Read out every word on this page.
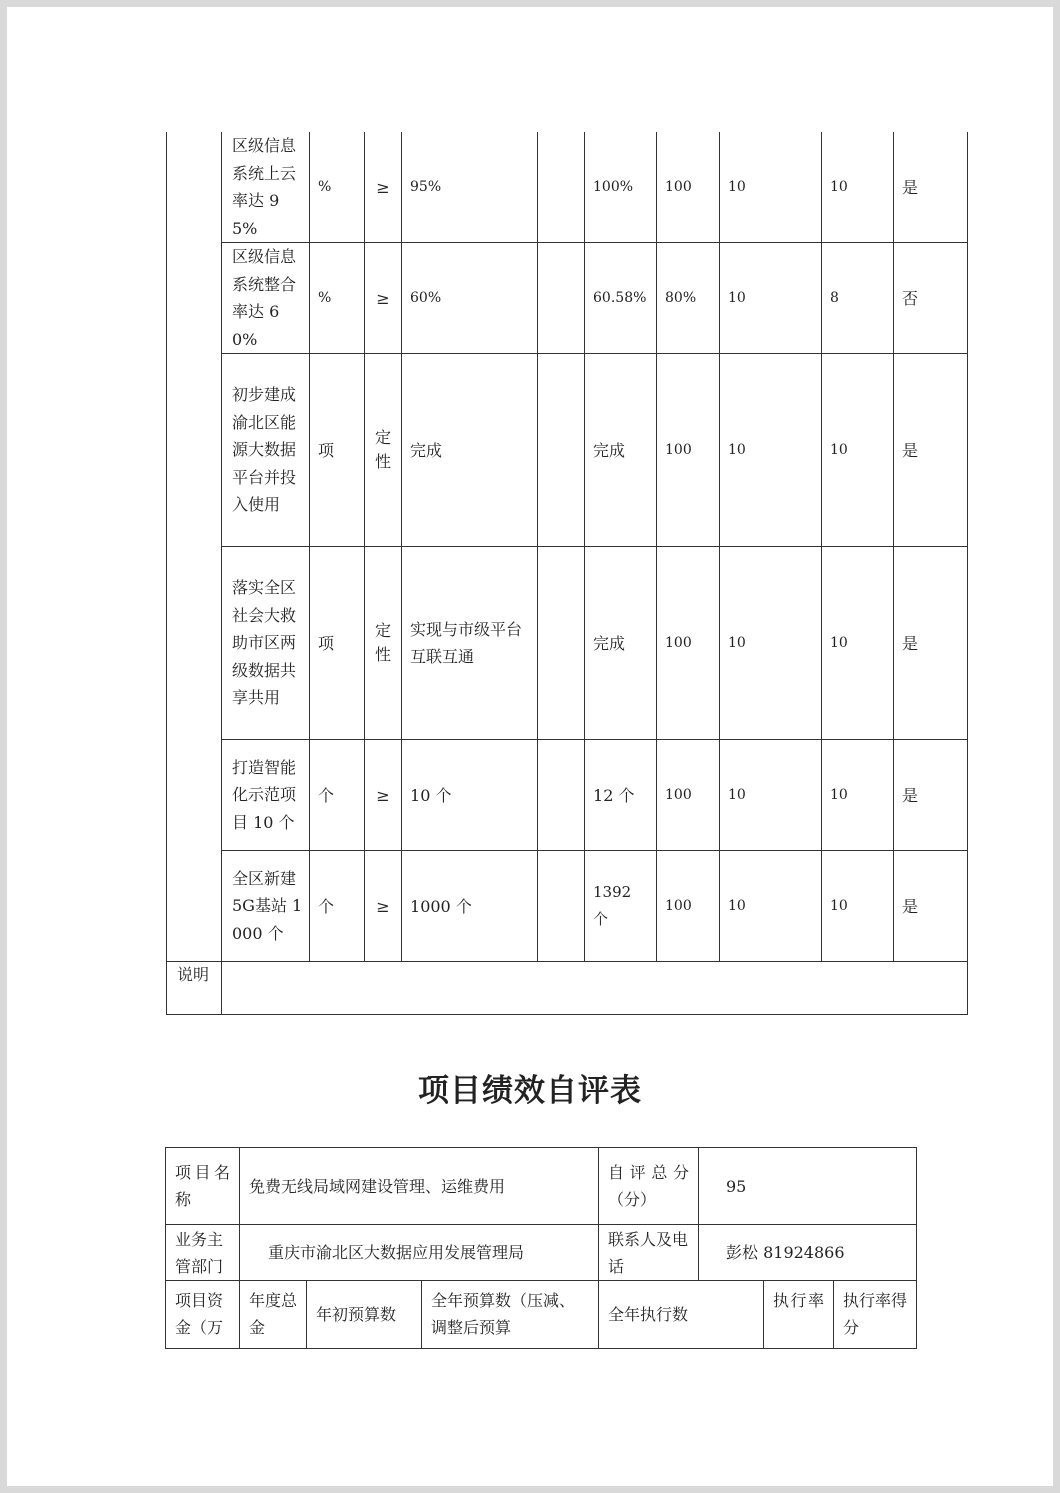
	区级信息系统上云率达 95%	%	≥	95%		100%	100	10	10	是
	区级信息系统整合率达 60%	%	≥	60%		60.58%	80%	10	8	否
	初步建成渝北区能源大数据平台并投入使用	项	定性	完成		完成	100	10	10	是
	落实全区社会大救助市区两级数据共享共用	项	定性	实现与市级平台互联互通		完成	100	10	10	是
	打造智能化示范项目 10 个	个	≥	10 个		12 个	100	10	10	是
	全区新建 5G基站 1000 个	个	≥	1000 个		1392 个	100	10	10	是
说明										
项目绩效自评表
项目名称	免费无线局域网建设管理、运维费用			自评总分（分）	95		
业务主管部门	重庆市渝北区大数据应用发展管理局			联系人及电话	彭松 81924866		
项目资金（万	年度总金	年初预算数	全年预算数（压减、调整后预算	全年执行数		执行率	执行率得分
